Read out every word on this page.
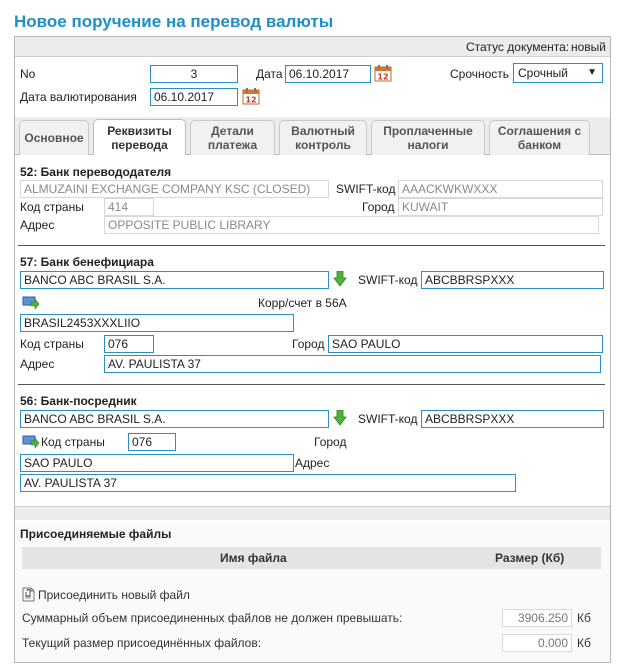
Новое поручение на перевод валюты
Статус документа: новый
No	3	Дата 06.10.2017	12	Срочность Срочный ▼
Дата валютирования	06.10.2017	12
Основное
Реквизиты
перевода
Детали
платежа
Валютный
контроль
Проплаченные
налоги
Соглашения с
банком
52: Банк перевододателя
ALMUZAINI EXCHANGE COMPANY KSC (CLOSED)	SWIFT-код AAACKWKWXXX
Код страны	414	Город KUWAIT
Адрес	OPPOSITE PUBLIC LIBRARY
57: Банк бенефициара
BANCO ABC BRASIL S.A.	SWIFT-код ABCBBRSPXXX
Корр/счет в 56A
BRASIL2453XXXLIIO
Код страны	076	Город SAO PAULO
Адрес	AV. PAULISTA 37
56: Банк-посредник
BANCO ABC BRASIL S.A.	SWIFT-код ABCBBRSPXXX
Код страны	076	Город
SAO PAULO	Адрес
AV. PAULISTA 37
Присоединяемые файлы
Имя файла	Размер (Кб)
Присоединить новый файл
Суммарный объем присоединенных файлов не должен превышать:	3906.250 Кб
Текущий размер присоединённых файлов:	0.000 Кб
